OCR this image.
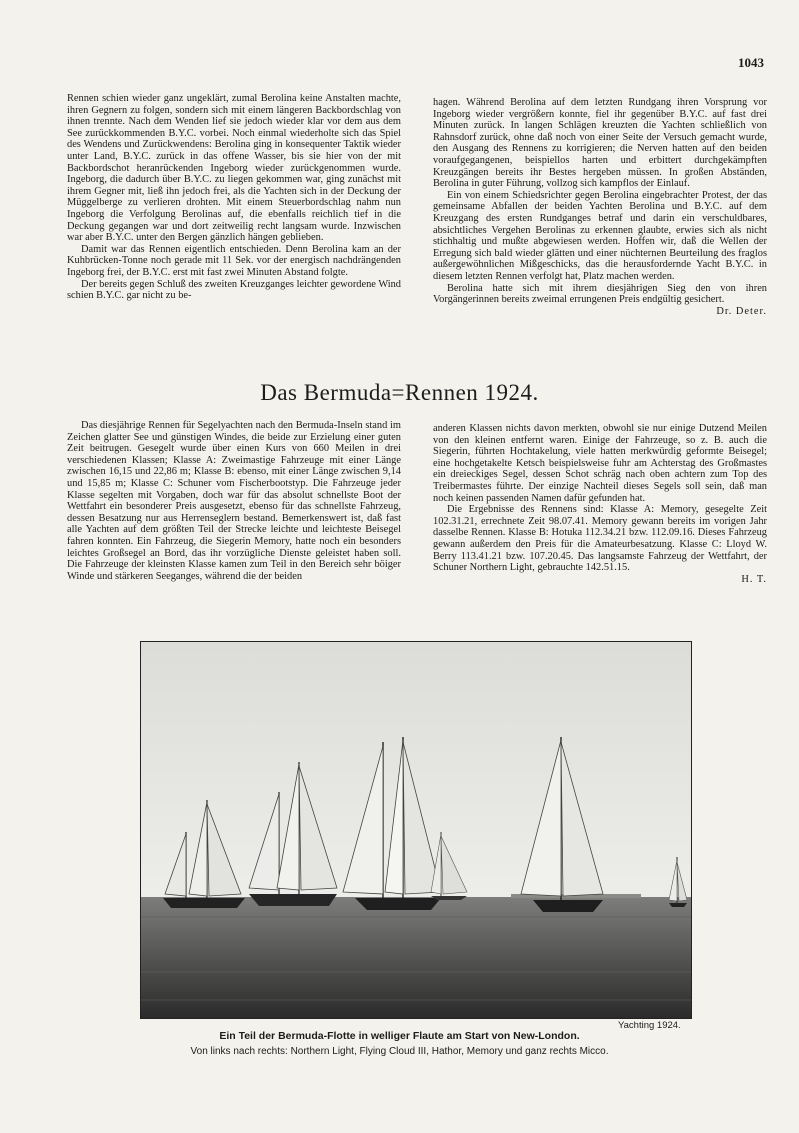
1043

Rennen schien wieder ganz ungeklärt, zumal Berolina keine Anstalten machte, ihren Gegnern zu folgen, sondern sich mit einem längeren Backbordschlag von ihnen trennte. Nach dem Wenden lief sie jedoch wieder klar vor dem aus dem See zurückkommenden B.Y.C. vorbei. Noch einmal wiederholte sich das Spiel des Wendens und Zurückwendens: Berolina ging in konsequenter Taktik wieder unter Land, B.Y.C. zurück in das offene Wasser, bis sie hier von der mit Backbordschot heranrückenden Ingeborg wieder zurückgenommen wurde. Ingeborg, die dadurch über B.Y.C. zu liegen gekommen war, ging zunächst mit ihrem Gegner mit, ließ ihn jedoch frei, als die Yachten sich in der Deckung der Müggelberge zu verlieren drohten. Mit einem Steuerbordschlag nahm nun Ingeborg die Verfolgung Berolinas auf, die ebenfalls reichlich tief in die Deckung gegangen war und dort zeitweilig recht langsam wurde. Inzwischen war aber B.Y.C. unter den Bergen gänzlich hängen geblieben.

Damit war das Rennen eigentlich entschieden. Denn Berolina kam an der Kuhbrücken-Tonne noch gerade mit 11 Sek. vor der energisch nachdrängenden Ingeborg frei, der B.Y.C. erst mit fast zwei Minuten Abstand folgte.

Der bereits gegen Schluß des zweiten Kreuzganges leichter gewordene Wind schien B.Y.C. gar nicht zu be-

hagen. Während Berolina auf dem letzten Rundgang ihren Vorsprung vor Ingeborg wieder vergrößern konnte, fiel ihr gegenüber B.Y.C. auf fast drei Minuten zurück. In langen Schlägen kreuzten die Yachten schließlich von Rahnsdorf zurück, ohne daß noch von einer Seite der Versuch gemacht wurde, den Ausgang des Rennens zu korrigieren; die Nerven hatten auf den beiden voraufgegangenen, beispiellos harten und erbittert durchgekämpften Kreuzgängen bereits ihr Bestes hergeben müssen. In großen Abständen, Berolina in guter Führung, vollzog sich kampflos der Einlauf.

Ein von einem Schiedsrichter gegen Berolina eingebrachter Protest, der das gemeinsame Abfallen der beiden Yachten Berolina und B.Y.C. auf dem Kreuzgang des ersten Rundganges betraf und darin ein verschuldbares, absichtliches Vergehen Berolinas zu erkennen glaubte, erwies sich als nicht stichhaltig und mußte abgewiesen werden. Hoffen wir, daß die Wellen der Erregung sich bald wieder glätten und einer nüchternen Beurteilung des fraglos außergewöhnlichen Mißgeschicks, das die herausfordernde Yacht B.Y.C. in diesem letzten Rennen verfolgt hat, Platz machen werden.

Berolina hatte sich mit ihrem diesjährigen Sieg den von ihren Vorgängerinnen bereits zweimal errungenen Preis endgültig gesichert.

Dr. Deter.
Das Bermuda=Rennen 1924.

Das diesjährige Rennen für Segelyachten nach den Bermuda-Inseln stand im Zeichen glatter See und günstigen Windes, die beide zur Erzielung einer guten Zeit beitrugen. Gesegelt wurde über einen Kurs von 660 Meilen in drei verschiedenen Klassen; Klasse A: Zweimastige Fahrzeuge mit einer Länge zwischen 16,15 und 22,86 m; Klasse B: ebenso, mit einer Länge zwischen 9,14 und 15,85 m; Klasse C: Schuner vom Fischerbootstyp. Die Fahrzeuge jeder Klasse segelten mit Vorgaben, doch war für das absolut schnellste Boot der Wettfahrt ein besonderer Preis ausgesetzt, ebenso für das schnellste Fahrzeug, dessen Besatzung nur aus Herrenseglern bestand. Bemerkenswert ist, daß fast alle Yachten auf dem größten Teil der Strecke leichte und leichteste Beisegel fahren konnten. Ein Fahrzeug, die Siegerin Memory, hatte noch ein besonders leichtes Großsegel an Bord, das ihr vorzügliche Dienste geleistet haben soll. Die Fahrzeuge der kleinsten Klasse kamen zum Teil in den Bereich sehr böiger Winde und stärkeren Seeganges, während die der beiden

anderen Klassen nichts davon merkten, obwohl sie nur einige Dutzend Meilen von den kleinen entfernt waren. Einige der Fahrzeuge, so z. B. auch die Siegerin, führten Hochtakelung, viele hatten merkwürdig geformte Beisegel; eine hochgetakelte Ketsch beispielsweise fuhr am Achterstag des Großmastes ein dreieckiges Segel, dessen Schot schräg nach oben achtern zum Top des Treibermastes führte. Der einzige Nachteil dieses Segels soll sein, daß man noch keinen passenden Namen dafür gefunden hat.

Die Ergebnisse des Rennens sind: Klasse A: Memory, gesegelte Zeit 102.31.21, errechnete Zeit 98.07.41. Memory gewann bereits im vorigen Jahr dasselbe Rennen. Klasse B: Hotuka 112.34.21 bzw. 112.09.16. Dieses Fahrzeug gewann außerdem den Preis für die Amateurbesatzung. Klasse C: Lloyd W. Berry 113.41.21 bzw. 107.20.45. Das langsamste Fahrzeug der Wettfahrt, der Schuner Northern Light, gebrauchte 142.51.15.

H. T.
Yachting 1924.
Ein Teil der Bermuda-Flotte in welliger Flaute am Start von New-London.
Von links nach rechts: Northern Light, Flying Cloud III, Hathor, Memory und ganz rechts Micco.
